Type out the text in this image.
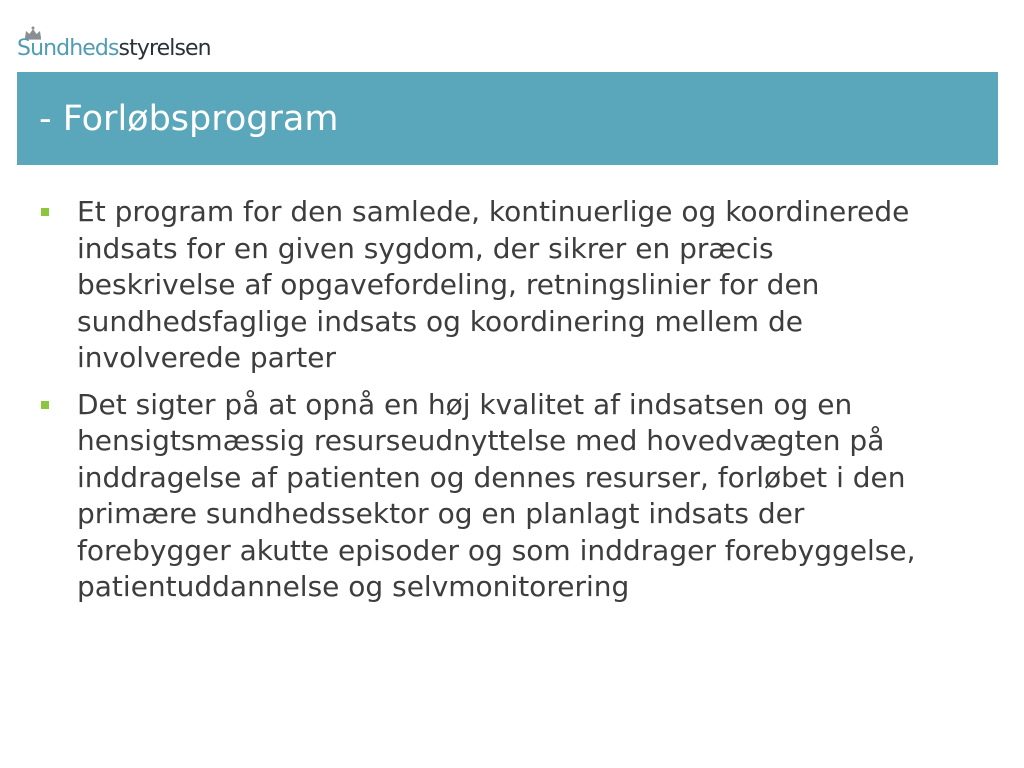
Sundhedsstyrelsen
- Forløbsprogram
Et program for den samlede, kontinuerlige og koordinerede indsats for en given sygdom, der sikrer en præcis beskrivelse af opgavefordeling, retningslinier for den sundhedsfaglige indsats og koordinering mellem de involverede parter
Det sigter på at opnå en høj kvalitet af indsatsen og en hensigtsmæssig resurseudnyttelse med hovedvægten på inddragelse af patienten og dennes resurser, forløbet i den primære sundhedssektor og en planlagt indsats der forebygger akutte episoder og som inddrager forebyggelse, patientuddannelse og selvmonitorering
